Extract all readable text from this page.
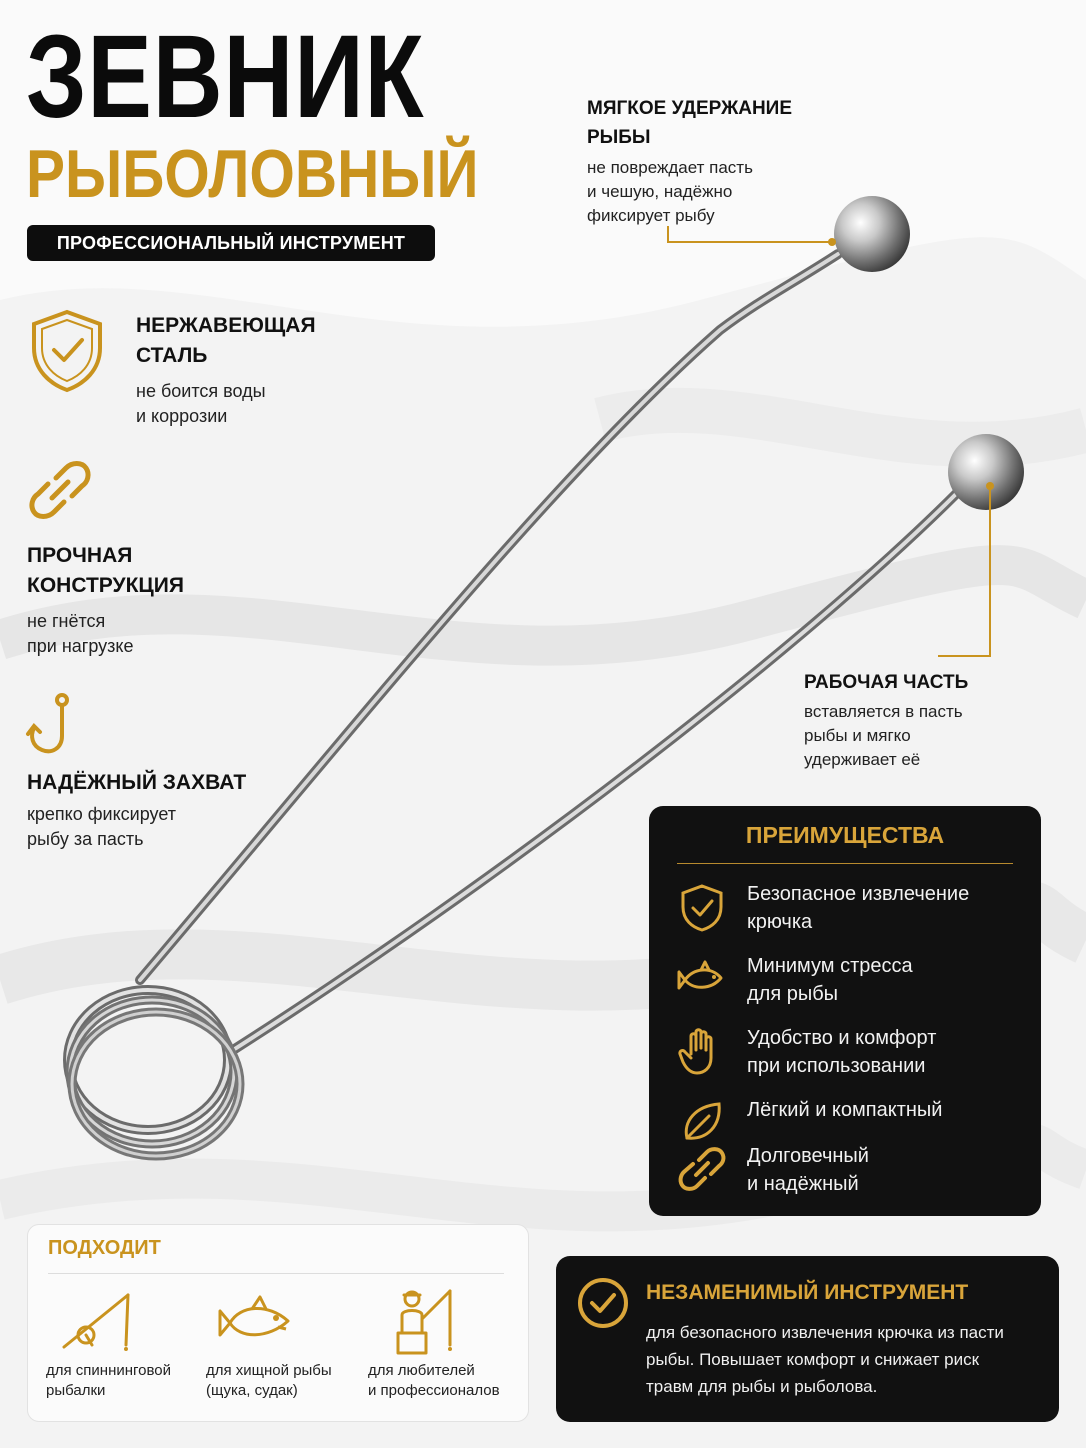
ЗЕВНИК
РЫБОЛОВНЫЙ
ПРОФЕССИОНАЛЬНЫЙ ИНСТРУМЕНТ
МЯГКОЕ УДЕРЖАНИЕ
РЫБЫ
не повреждает пасть
и чешую, надёжно
фиксирует рыбу
РАБОЧАЯ ЧАСТЬ
вставляется в пасть
рыбы и мягко
удерживает её
НЕРЖАВЕЮЩАЯ
СТАЛЬ
не боится воды
и коррозии
ПРОЧНАЯ
КОНСТРУКЦИЯ
не гнётся
при нагрузке
НАДЁЖНЫЙ ЗАХВАТ
крепко фиксирует
рыбу за пасть	ПРЕИМУЩЕСТВА
Безопасное извлечение
крючка
Минимум стресса
для рыбы
Удобство и комфорт
при использовании
Лёгкий и компактный
Долговечный
и надёжный
ПОДХОДИТ
для спиннинговой
рыбалки
для хищной рыбы
(щука, судак)
для любителей
и профессионалов
НЕЗАМЕНИМЫЙ ИНСТРУМЕНТ
для безопасного извлечения крючка из пасти
рыбы. Повышает комфорт и снижает риск
травм для рыбы и рыболова.
